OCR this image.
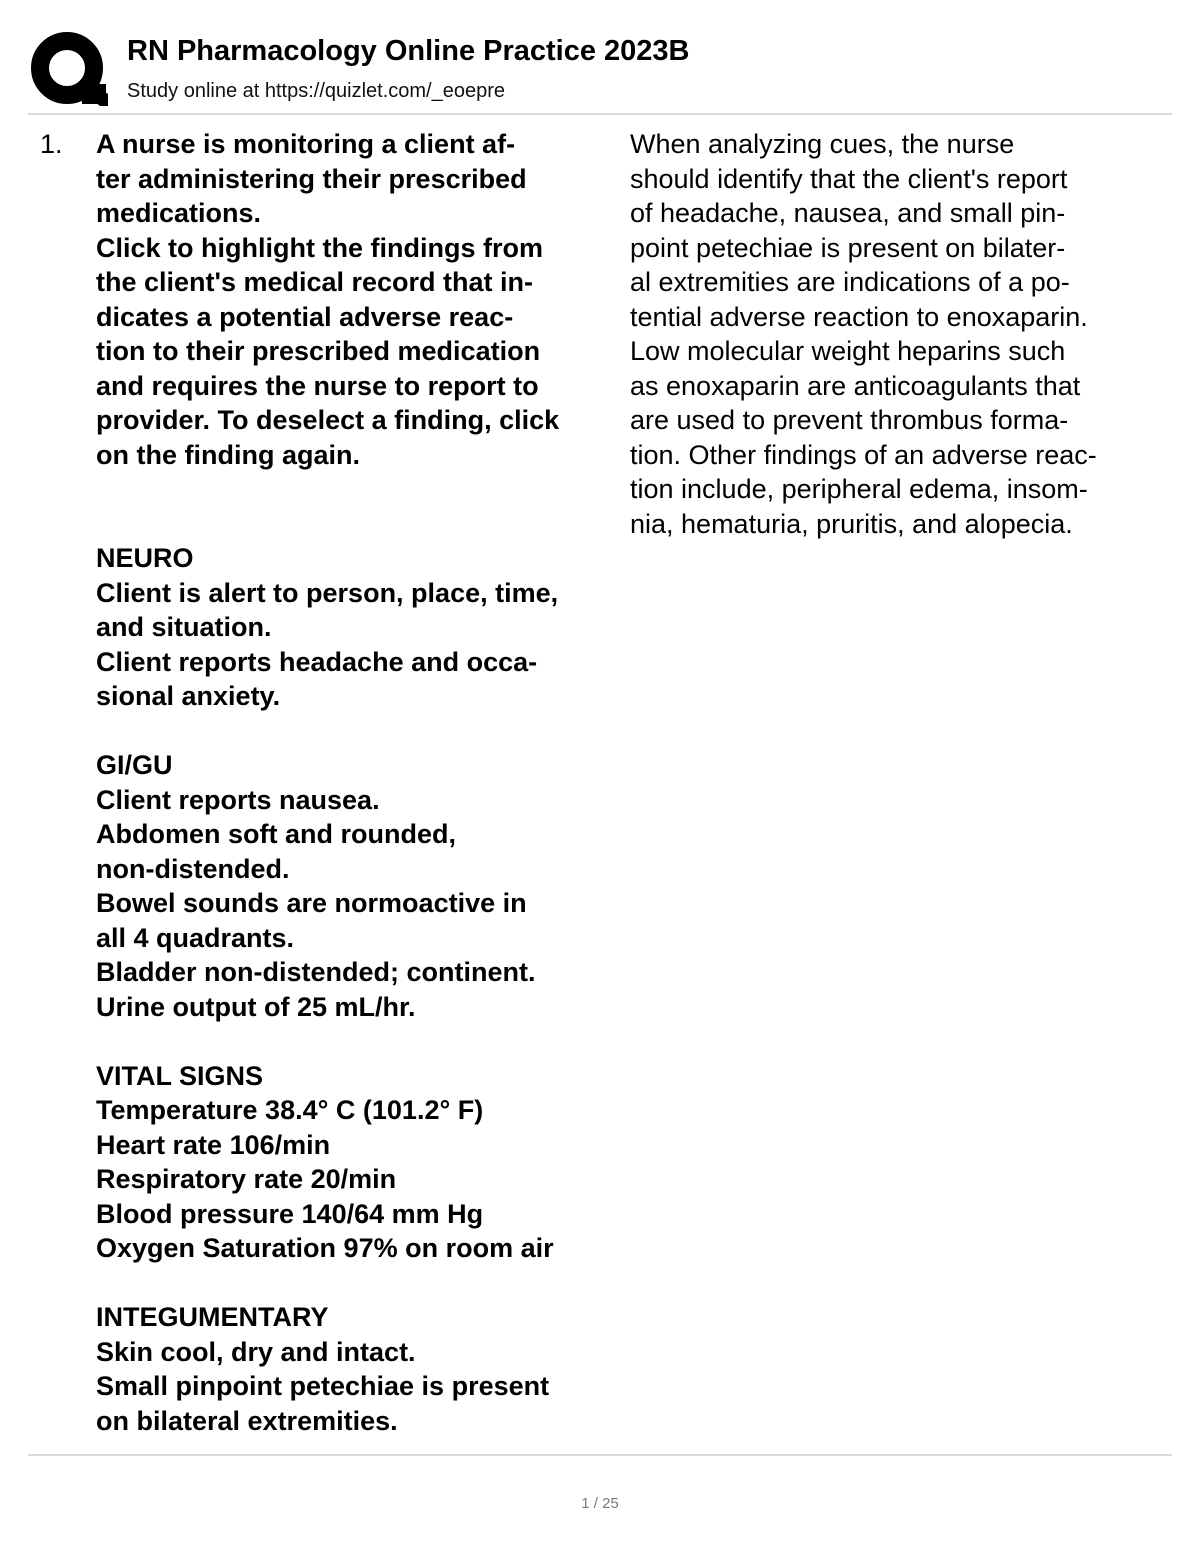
RN Pharmacology Online Practice 2023B
Study online at https://quizlet.com/_eoepre
1. A nurse is monitoring a client af-
ter administering their prescribed
medications.
Click to highlight the findings from
the client's medical record that in-
dicates a potential adverse reac-
tion to their prescribed medication
and requires the nurse to report to
provider. To deselect a finding, click
on the finding again.
NEURO
Client is alert to person, place, time,
and situation.
Client reports headache and occa-
sional anxiety.
GI/GU
Client reports nausea.
Abdomen soft and rounded,
non-distended.
Bowel sounds are normoactive in
all 4 quadrants.
Bladder non-distended; continent.
Urine output of 25 mL/hr.
VITAL SIGNS
Temperature 38.4° C (101.2° F)
Heart rate 106/min
Respiratory rate 20/min
Blood pressure 140/64 mm Hg
Oxygen Saturation 97% on room air
INTEGUMENTARY
Skin cool, dry and intact.
Small pinpoint petechiae is present
on bilateral extremities.
When analyzing cues, the nurse
should identify that the client's report
of headache, nausea, and small pin-
point petechiae is present on bilater-
al extremities are indications of a po-
tential adverse reaction to enoxaparin.
Low molecular weight heparins such
as enoxaparin are anticoagulants that
are used to prevent thrombus forma-
tion. Other findings of an adverse reac-
tion include, peripheral edema, insom-
nia, hematuria, pruritis, and alopecia.
1 / 25
